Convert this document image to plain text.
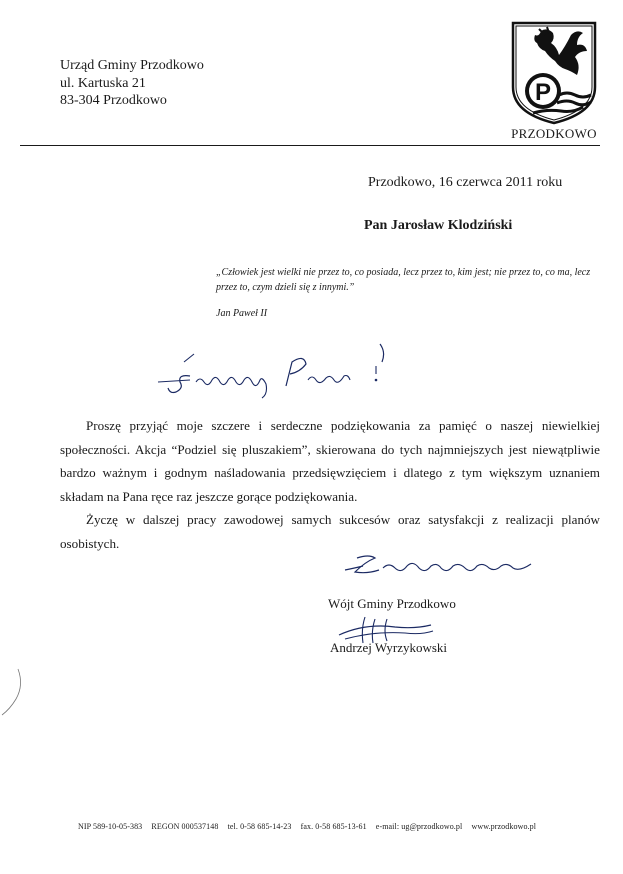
Urząd Gminy Przodkowo
ul. Kartuska 21
83-304 Przodkowo	P
PRZODKOWO
Przodkowo, 16 czerwca 2011 roku
Pan Jarosław Klodziński
„Człowiek jest wielki nie przez to, co posiada, lecz przez to, kim jest; nie przez to, co ma, lecz przez to, czym dzieli się z innymi.”
Jan Paweł II

Proszę przyjąć moje szczere i serdeczne podziękowania za pamięć o naszej niewielkiej społeczności. Akcja “Podziel się pluszakiem”, skierowana do tych najmniejszych jest niewątpliwie bardzo ważnym i godnym naśladowania przedsięwzięciem i dlatego z tym większym uznaniem składam na Pana ręce raz jeszcze gorące podziękowania.

Życzę w dalszej pracy zawodowej samych sukcesów oraz satysfakcji z realizacji planów osobistych.

Wójt Gminy Przodkowo
Andrzej Wyrzykowski
NIP 589-10-05-383 REGON 000537148 tel. 0-58 685-14-23 fax. 0-58 685-13-61 e-mail: ug@przodkowo.pl www.przodkowo.pl
